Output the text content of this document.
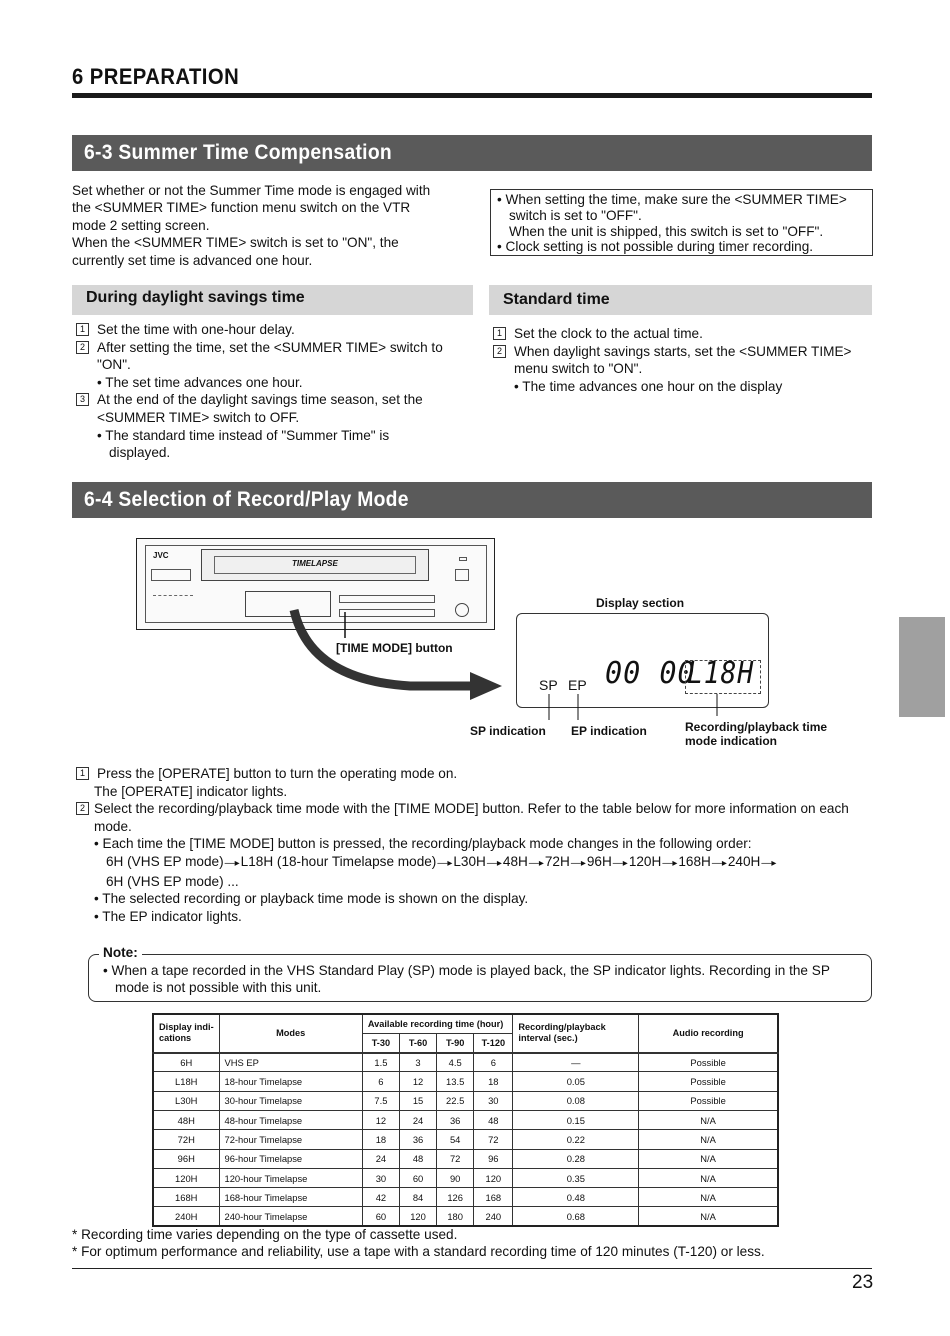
6 PREPARATION
6-3 Summer Time Compensation
Set whether or not the Summer Time mode is engaged with
the <SUMMER TIME> function menu switch on the VTR
mode 2 setting screen.
When the <SUMMER TIME> switch is set to "ON", the
currently set time is advanced one hour.
• When setting the time, make sure the <SUMMER TIME> switch is set to "OFF".
When the unit is shipped, this switch is set to "OFF".
• Clock setting is not possible during timer recording.
During daylight savings time
1 Set the time with one-hour delay.
2 After setting the time, set the <SUMMER TIME> switch to "ON".
• The set time advances one hour.
3 At the end of the daylight savings time season, set the <SUMMER TIME> switch to OFF.
• The standard time instead of "Summer Time" is displayed.
Standard time
1 Set the clock to the actual time.
2 When daylight savings starts, set the <SUMMER TIME> menu switch to "ON".
• The time advances one hour on the display
6-4 Selection of Record/Play Mode
JVC
TIMELAPSE
[TIME MODE] button
Display section
SP EP 00 00
L18H
SP indication EP indication	Recording/playback time
mode indication
1 Press the [OPERATE] button to turn the operating mode on.
The [OPERATE] indicator lights.
2 Select the recording/playback time mode with the [TIME MODE] button. Refer to the table below for more information on each mode.
• Each time the [TIME MODE] button is pressed, the recording/playback mode changes in the following order:
6H (VHS EP mode)—▸L18H (18-hour Timelapse mode)—▸L30H—▸48H—▸72H—▸96H—▸120H—▸168H—▸240H—▸
6H (VHS EP mode) ...
• The selected recording or playback time mode is shown on the display.
• The EP indicator lights.
Note:
• When a tape recorded in the VHS Standard Play (SP) mode is played back, the SP indicator lights. Recording in the SP mode is not possible with this unit.
Display indi-cations	Modes	Available recording time (hour)				Recording/playback interval (sec.)	Audio recording
		T-30	T-60	T-90	T-120		
6H	VHS EP	1.5	3	4.5	6	—	Possible
L18H	18-hour Timelapse	6	12	13.5	18	0.05	Possible
L30H	30-hour Timelapse	7.5	15	22.5	30	0.08	Possible
48H	48-hour Timelapse	12	24	36	48	0.15	N/A
72H	72-hour Timelapse	18	36	54	72	0.22	N/A
96H	96-hour Timelapse	24	48	72	96	0.28	N/A
120H	120-hour Timelapse	30	60	90	120	0.35	N/A
168H	168-hour Timelapse	42	84	126	168	0.48	N/A
240H	240-hour Timelapse	60	120	180	240	0.68	N/A
* Recording time varies depending on the type of cassette used.
* For optimum performance and reliability, use a tape with a standard recording time of 120 minutes (T-120) or less.
23
